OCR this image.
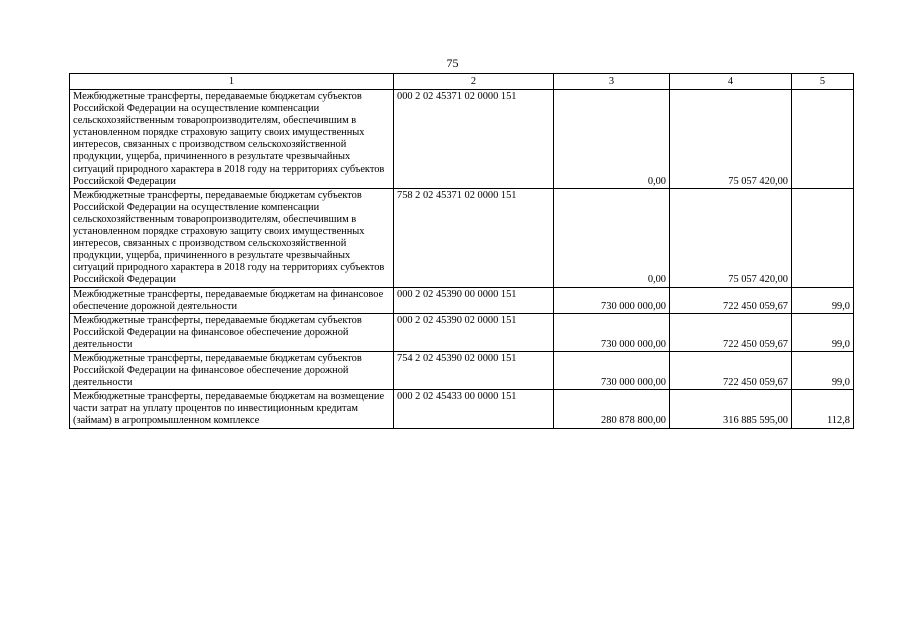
75
1	2	3	4	5
Межбюджетные трансферты, передаваемые бюджетам субъектов Российской Федерации на осуществление компенсации сельскохозяйственным товаропроизводителям, обеспечившим в установленном порядке страховую защиту своих имущественных интересов, связанных с производством сельскохозяйственной продукции, ущерба, причиненного в результате чрезвычайных ситуаций природного характера в 2018 году на территориях субъектов Российской Федерации	000 2 02 45371 02 0000 151	0,00	75 057 420,00	
Межбюджетные трансферты, передаваемые бюджетам субъектов Российской Федерации на осуществление компенсации сельскохозяйственным товаропроизводителям, обеспечившим в установленном порядке страховую защиту своих имущественных интересов, связанных с производством сельскохозяйственной продукции, ущерба, причиненного в результате чрезвычайных ситуаций природного характера в 2018 году на территориях субъектов Российской Федерации	758 2 02 45371 02 0000 151	0,00	75 057 420,00	
Межбюджетные трансферты, передаваемые бюджетам на финансовое обеспечение дорожной деятельности	000 2 02 45390 00 0000 151	730 000 000,00	722 450 059,67	99,0
Межбюджетные трансферты, передаваемые бюджетам субъектов Российской Федерации на финансовое обеспечение дорожной деятельности	000 2 02 45390 02 0000 151	730 000 000,00	722 450 059,67	99,0
Межбюджетные трансферты, передаваемые бюджетам субъектов Российской Федерации на финансовое обеспечение дорожной деятельности	754 2 02 45390 02 0000 151	730 000 000,00	722 450 059,67	99,0
Межбюджетные трансферты, передаваемые бюджетам на возмещение части затрат на уплату процентов по инвестиционным кредитам (займам) в агропромышленном комплексе	000 2 02 45433 00 0000 151	280 878 800,00	316 885 595,00	112,8
